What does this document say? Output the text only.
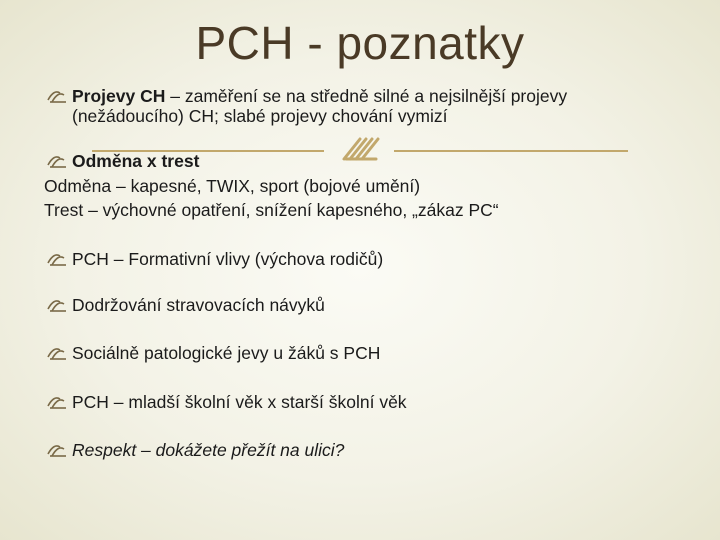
PCH - poznatky
Projevy CH – zaměření se na středně silné a nejsilnější projevy
(nežádoucího) CH; slabé projevy chování vymizí
Odměna x trest
Odměna – kapesné, TWIX, sport (bojové umění)
Trest – výchovné opatření, snížení kapesného, „zákaz PC“
PCH – Formativní vlivy (výchova rodičů)
Dodržování stravovacích návyků
Sociálně patologické jevy u žáků s PCH
PCH – mladší školní věk x starší školní věk
Respekt – dokážete přežít na ulici?
